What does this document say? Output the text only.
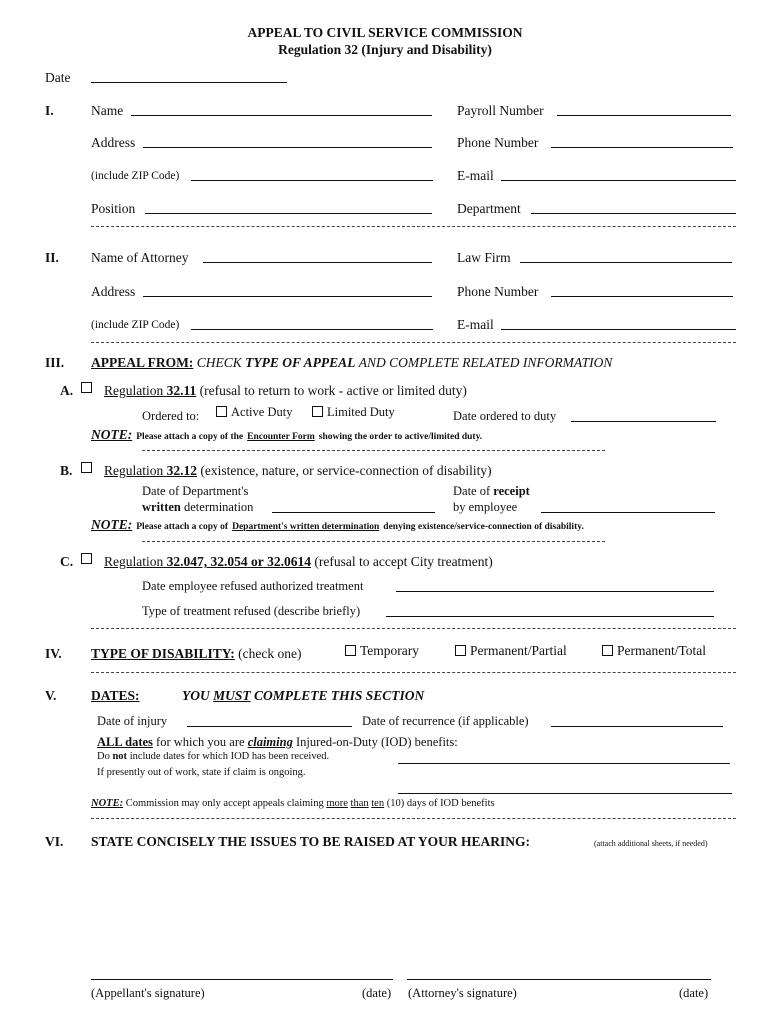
APPEAL TO CIVIL SERVICE COMMISSION
Regulation 32 (Injury and Disability)
Date
I.	Name	Payroll Number
Address	Phone Number
(include ZIP Code)	E-mail
Position	Department
II. Name of Attorney	Law Firm
Address	Phone Number
(include ZIP Code)	E-mail
III. APPEAL FROM: CHECK TYPE OF APPEAL AND COMPLETE RELATED INFORMATION
A. Regulation 32.11 (refusal to return to work - active or limited duty)
Ordered to:	Active Duty	Limited Duty	Date ordered to duty
NOTE: Please attach a copy of the Encounter Form showing the order to active/limited duty.
B. Regulation 32.12 (existence, nature, or service-connection of disability)
Date of Department's
written determination
Date of receipt
by employee
NOTE: Please attach a copy of Department's written determination denying existence/service-connection of disability.
C. Regulation 32.047, 32.054 or 32.0614 (refusal to accept City treatment)
Date employee refused authorized treatment
Type of treatment refused (describe briefly)
IV. TYPE OF DISABILITY: (check one)	Temporary	Permanent/Partial	Permanent/Total
V.	DATES:	YOU MUST COMPLETE THIS SECTION
Date of injury	Date of recurrence (if applicable)
ALL dates for which you are claiming Injured-on-Duty (IOD) benefits:
Do not include dates for which IOD has been received.
If presently out of work, state if claim is ongoing.
NOTE: Commission may only accept appeals claiming more than ten (10) days of IOD benefits
VI. STATE CONCISELY THE ISSUES TO BE RAISED AT YOUR HEARING:	(attach additional sheets, if needed)
(Appellant's signature)	(date) (Attorney's signature)	(date)
